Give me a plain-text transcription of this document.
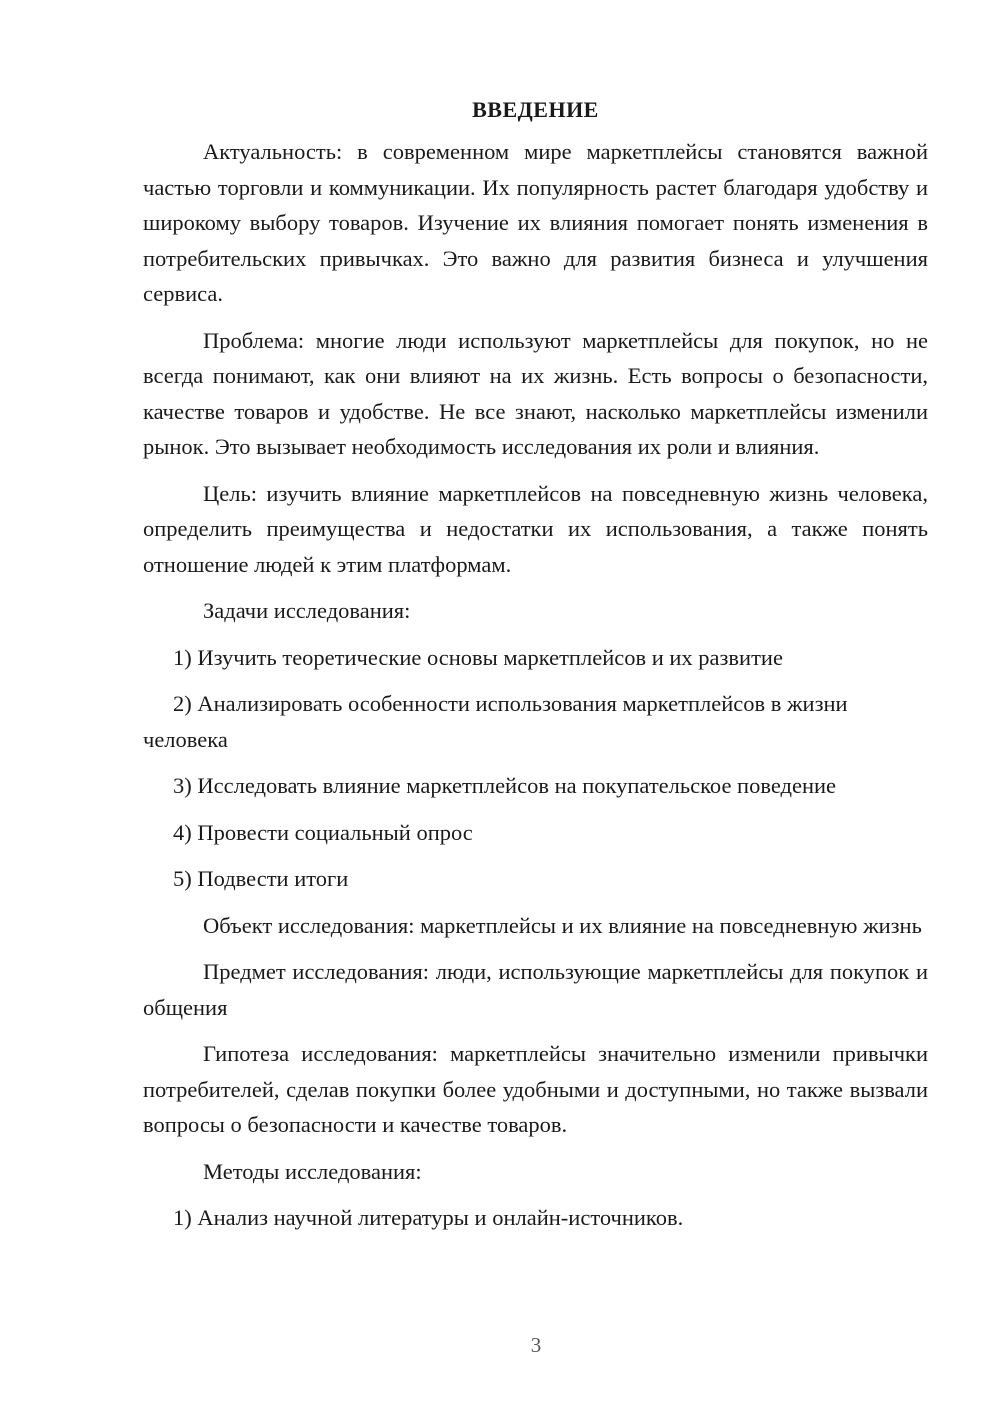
ВВЕДЕНИЕ

Актуальность: в современном мире маркетплейсы становятся важной частью торговли и коммуникации. Их популярность растет благодаря удобству и широкому выбору товаров. Изучение их влияния помогает понять изменения в потребительских привычках. Это важно для развития бизнеса и улучшения сервиса.

Проблема: многие люди используют маркетплейсы для покупок, но не всегда понимают, как они влияют на их жизнь. Есть вопросы о безопасности, качестве товаров и удобстве. Не все знают, насколько маркетплейсы изменили рынок. Это вызывает необходимость исследования их роли и влияния.

Цель: изучить влияние маркетплейсов на повседневную жизнь человека, определить преимущества и недостатки их использования, а также понять отношение людей к этим платформам.

Задачи исследования:

1) Изучить теоретические основы маркетплейсов и их развитие

2) Анализировать особенности использования маркетплейсов в жизни человека

3) Исследовать влияние маркетплейсов на покупательское поведение

4) Провести социальный опрос

5) Подвести итоги

Объект исследования: маркетплейсы и их влияние на повседневную жизнь

Предмет исследования: люди, использующие маркетплейсы для покупок и общения

Гипотеза исследования: маркетплейсы значительно изменили привычки потребителей, сделав покупки более удобными и доступными, но также вызвали вопросы о безопасности и качестве товаров.

Методы исследования:

1) Анализ научной литературы и онлайн-источников.

3
